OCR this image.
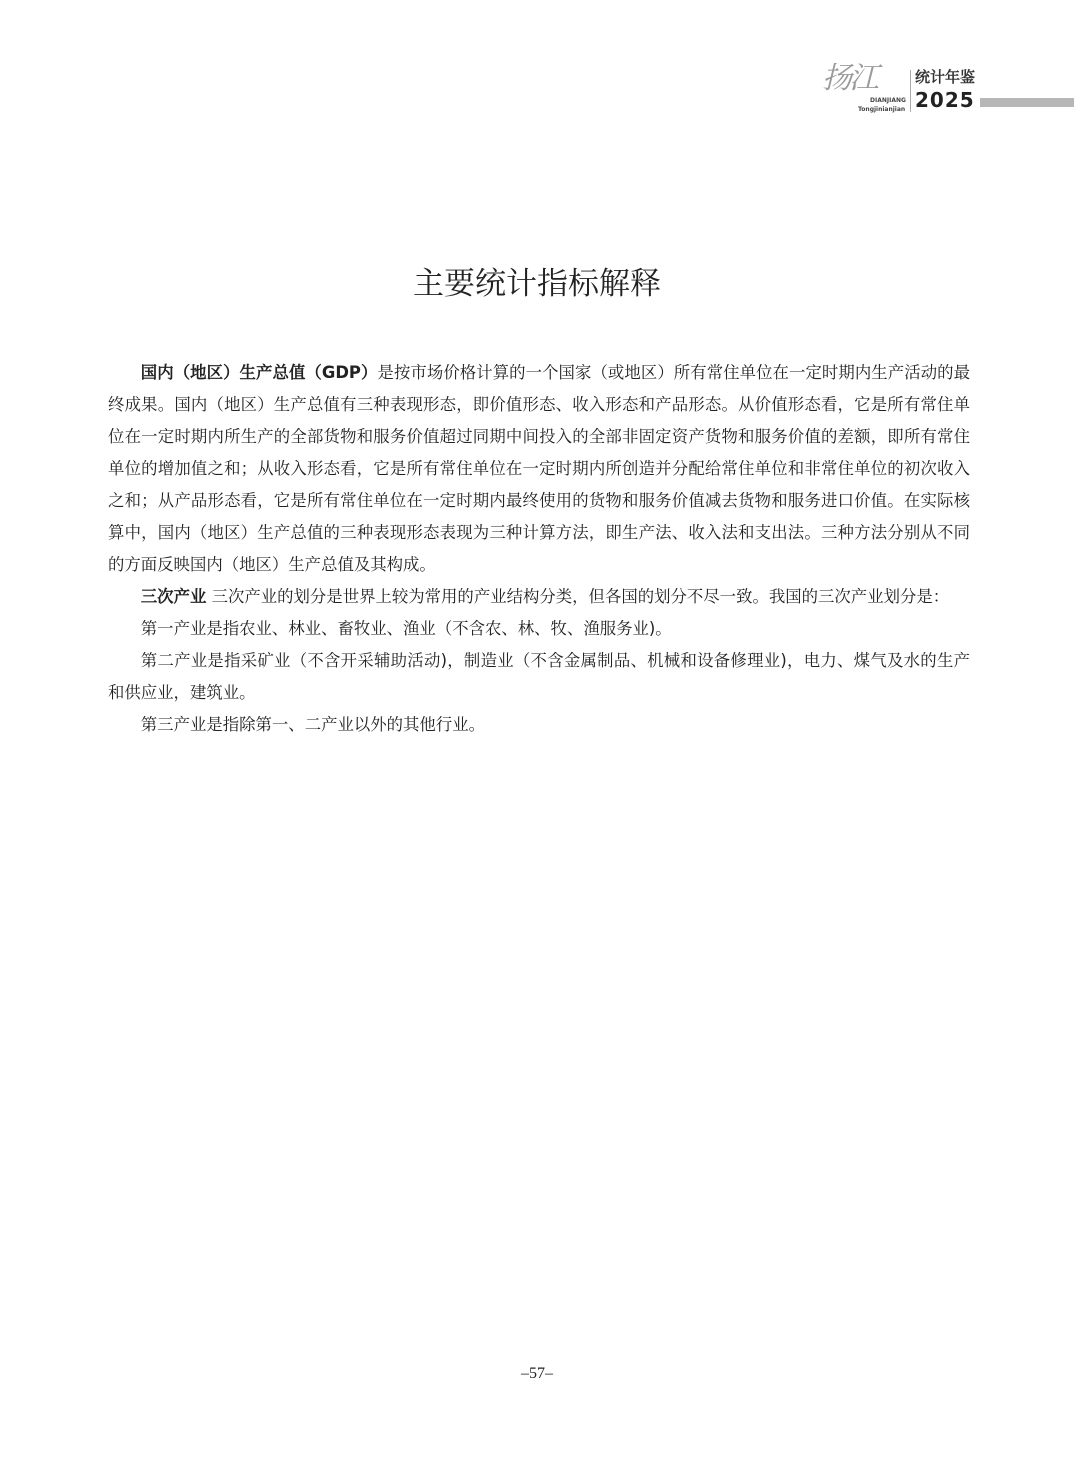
扬江
DIANJIANG
Tongjinianjian
统计年鉴
2025
主要统计指标解释

国内（地区）生产总值（GDP）是按市场价格计算的一个国家（或地区）所有常住单位在一定时期内生产活动的最终成果。国内（地区）生产总值有三种表现形态，即价值形态、收入形态和产品形态。从价值形态看，它是所有常住单位在一定时期内所生产的全部货物和服务价值超过同期中间投入的全部非固定资产货物和服务价值的差额，即所有常住单位的增加值之和；从收入形态看，它是所有常住单位在一定时期内所创造并分配给常住单位和非常住单位的初次收入之和；从产品形态看，它是所有常住单位在一定时期内最终使用的货物和服务价值减去货物和服务进口价值。在实际核算中，国内（地区）生产总值的三种表现形态表现为三种计算方法，即生产法、收入法和支出法。三种方法分别从不同的方面反映国内（地区）生产总值及其构成。

三次产业 三次产业的划分是世界上较为常用的产业结构分类，但各国的划分不尽一致。我国的三次产业划分是：

第一产业是指农业、林业、畜牧业、渔业（不含农、林、牧、渔服务业)。

第二产业是指采矿业（不含开采辅助活动)，制造业（不含金属制品、机械和设备修理业)，电力、煤气及水的生产和供应业，建筑业。

第三产业是指除第一、二产业以外的其他行业。

–57–
